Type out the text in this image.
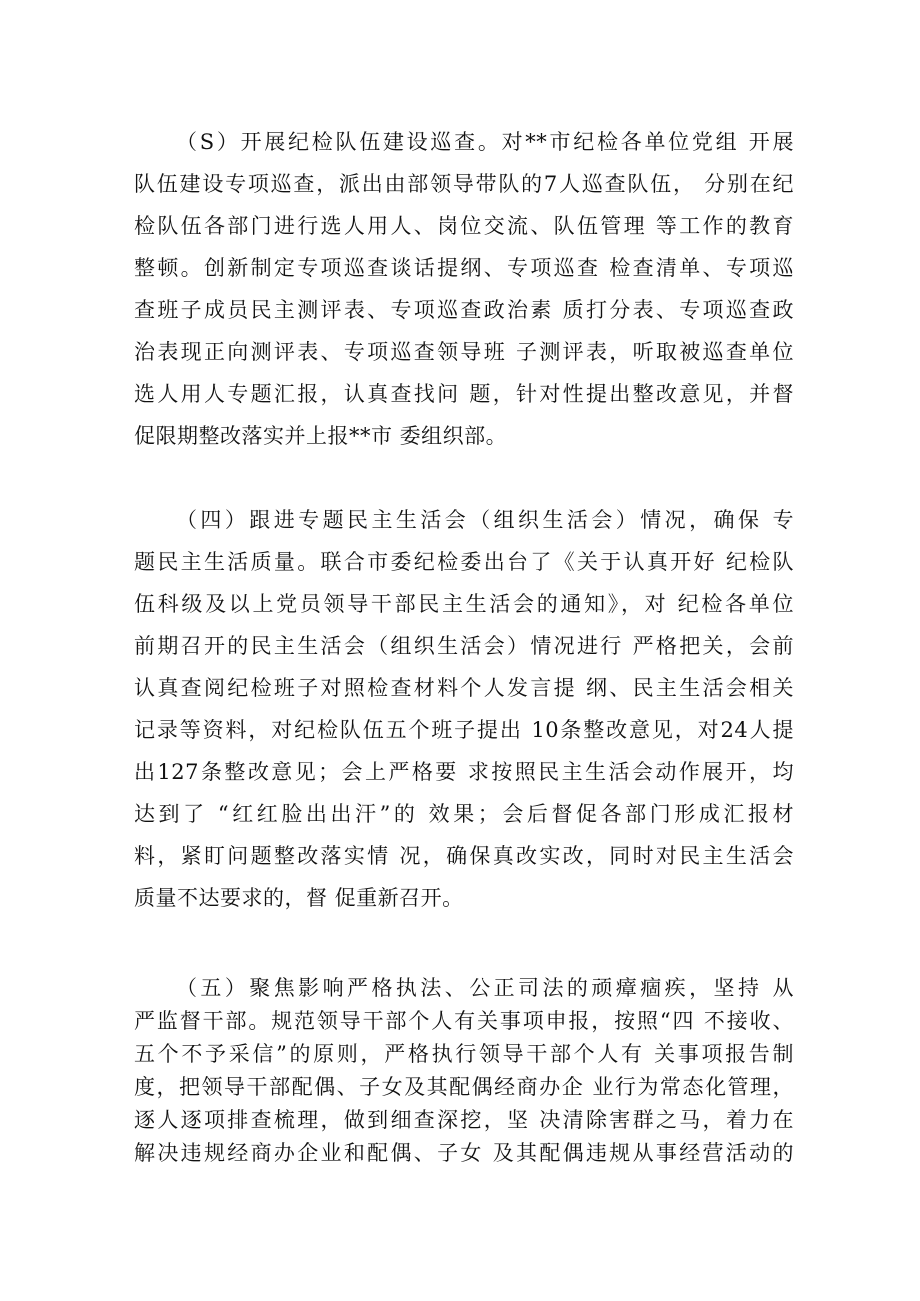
（S）开展纪检队伍建设巡查。对**市纪检各单位党组 开展
队伍建设专项巡查，派出由部领导带队的7人巡查队伍， 分别在纪
检队伍各部门进行选人用人、岗位交流、队伍管理 等工作的教育
整顿。创新制定专项巡查谈话提纲、专项巡查 检查清单、专项巡
查班子成员民主测评表、专项巡查政治素 质打分表、专项巡查政
治表现正向测评表、专项巡查领导班 子测评表，听取被巡查单位
选人用人专题汇报，认真查找问 题，针对性提出整改意见，并督
促限期整改落实并上报**市 委组织部。
（四）跟进专题民主生活会（组织生活会）情况，确保 专
题民主生活质量。联合市委纪检委出台了《关于认真开好 纪检队
伍科级及以上党员领导干部民主生活会的通知》，对 纪检各单位
前期召开的民主生活会（组织生活会）情况进行 严格把关，会前
认真查阅纪检班子对照检查材料个人发言提 纲、民主生活会相关
记录等资料，对纪检队伍五个班子提出 10条整改意见，对24人提
出127条整改意见；会上严格要 求按照民主生活会动作展开，均
达到了 “红红脸出出汗”的 效果；会后督促各部门形成汇报材
料，紧盯问题整改落实情 况，确保真改实改，同时对民主生活会
质量不达要求的，督 促重新召开。
（五）聚焦影响严格执法、公正司法的顽瘴痼疾，坚持 从
严监督干部。规范领导干部个人有关事项申报，按照“四 不接收、
五个不予采信”的原则，严格执行领导干部个人有 关事项报告制
度，把领导干部配偶、子女及其配偶经商办企 业行为常态化管理，
逐人逐项排查梳理，做到细查深挖，坚 决清除害群之马，着力在
解决违规经商办企业和配偶、子女 及其配偶违规从事经营活动的
